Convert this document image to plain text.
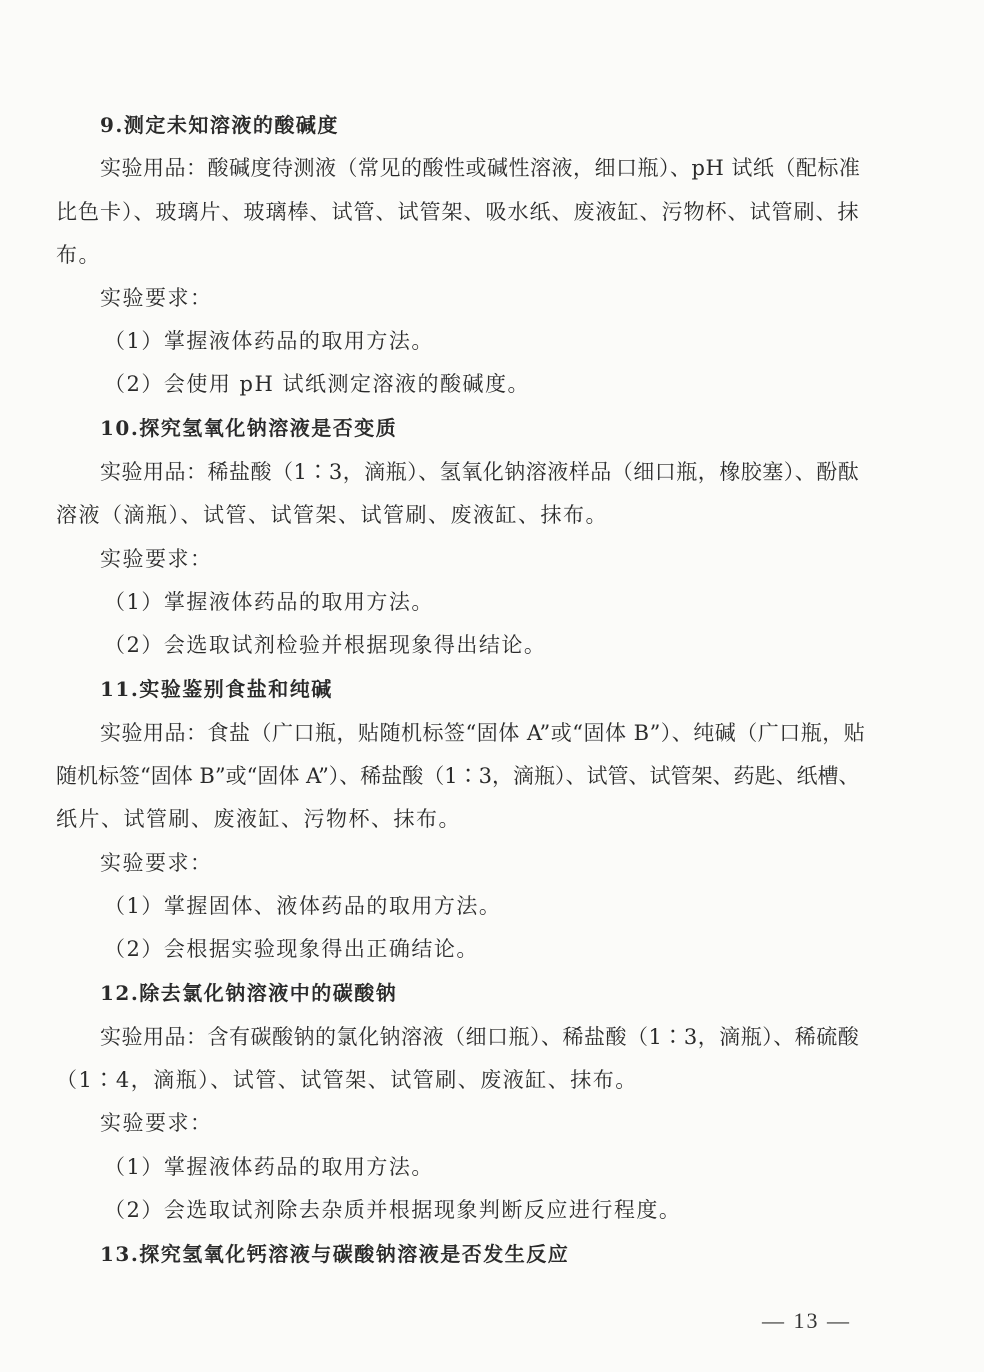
9.测定未知溶液的酸碱度
实验用品：酸碱度待测液（常见的酸性或碱性溶液，细口瓶）、pH 试纸（配标准
比色卡）、玻璃片、玻璃棒、试管、试管架、吸水纸、废液缸、污物杯、试管刷、抹
布。
实验要求：
（1）掌握液体药品的取用方法。
（2）会使用 pH 试纸测定溶液的酸碱度。
10.探究氢氧化钠溶液是否变质
实验用品：稀盐酸（1∶3，滴瓶）、氢氧化钠溶液样品（细口瓶，橡胶塞）、酚酞
溶液（滴瓶）、试管、试管架、试管刷、废液缸、抹布。
实验要求：
（1）掌握液体药品的取用方法。
（2）会选取试剂检验并根据现象得出结论。
11.实验鉴别食盐和纯碱
实验用品：食盐（广口瓶，贴随机标签“固体 A”或“固体 B”）、纯碱（广口瓶，贴
随机标签“固体 B”或“固体 A”）、稀盐酸（1∶3，滴瓶）、试管、试管架、药匙、纸槽、
纸片、试管刷、废液缸、污物杯、抹布。
实验要求：
（1）掌握固体、液体药品的取用方法。
（2）会根据实验现象得出正确结论。
12.除去氯化钠溶液中的碳酸钠
实验用品：含有碳酸钠的氯化钠溶液（细口瓶）、稀盐酸（1∶3，滴瓶）、稀硫酸
（1∶4，滴瓶）、试管、试管架、试管刷、废液缸、抹布。
实验要求：
（1）掌握液体药品的取用方法。
（2）会选取试剂除去杂质并根据现象判断反应进行程度。
13.探究氢氧化钙溶液与碳酸钠溶液是否发生反应
— 13 —
